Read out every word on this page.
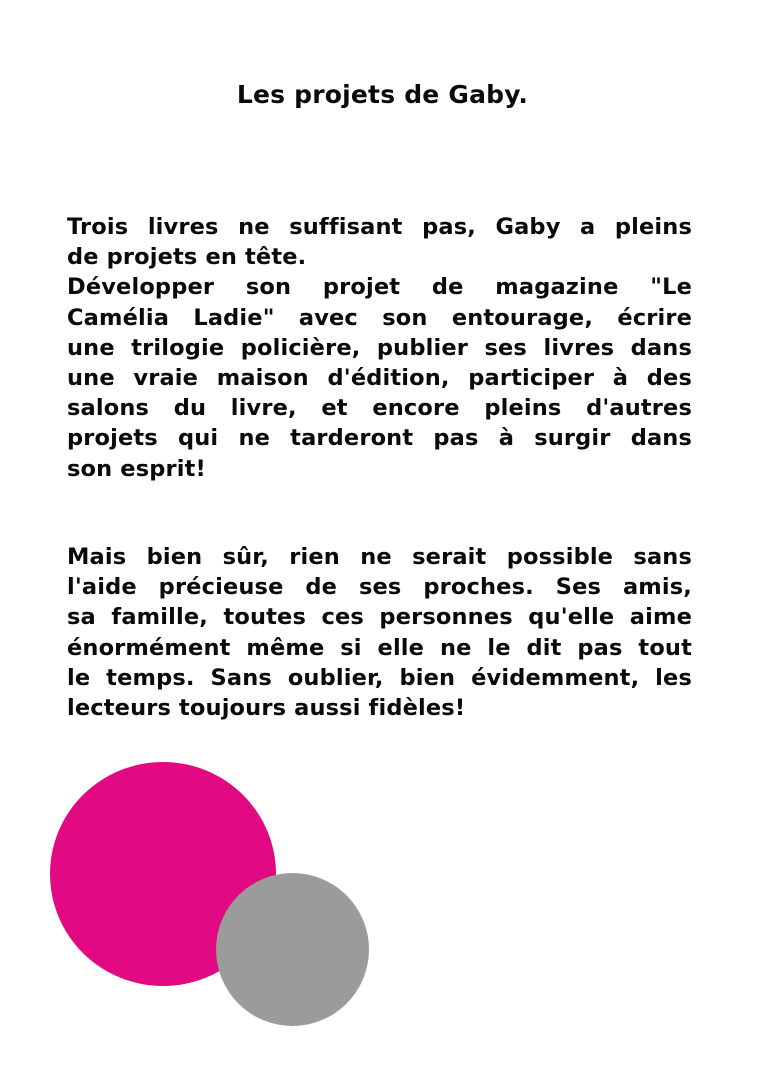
Les projets de Gaby.

Trois livres ne suffisant pas, Gaby a pleins
de projets en tête.
Développer son projet de magazine "Le
Camélia Ladie" avec son entourage, écrire
une trilogie policière, publier ses livres dans
une vraie maison d'édition, participer à des
salons du livre, et encore pleins d'autres
projets qui ne tarderont pas à surgir dans
son esprit!

Mais bien sûr, rien ne serait possible sans
l'aide précieuse de ses proches. Ses amis,
sa famille, toutes ces personnes qu'elle aime
énormément même si elle ne le dit pas tout
le temps. Sans oublier, bien évidemment, les
lecteurs toujours aussi fidèles!
